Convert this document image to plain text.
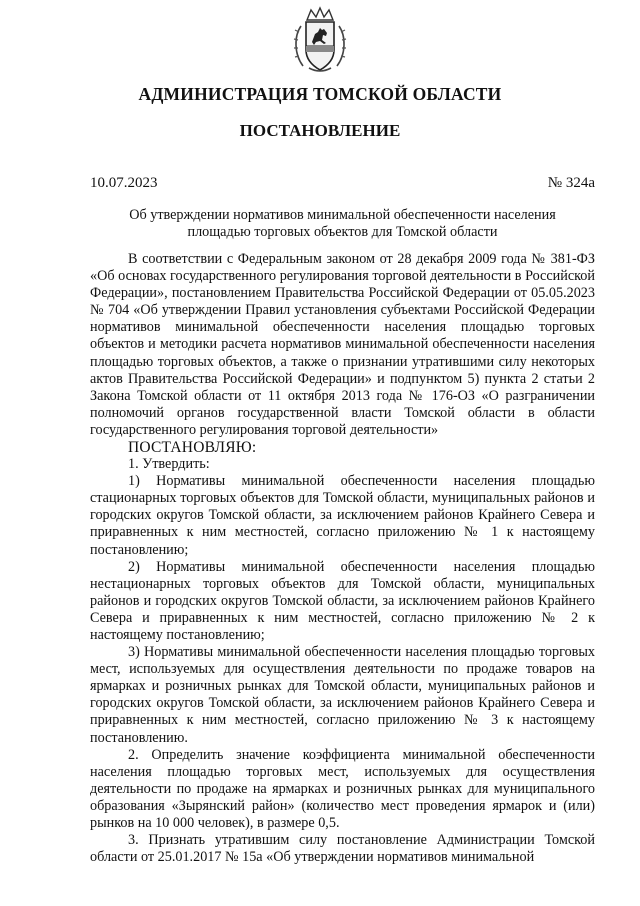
АДМИНИСТРАЦИЯ ТОМСКОЙ ОБЛАСТИ
ПОСТАНОВЛЕНИЕ
10.07.2023	№ 324а
Об утверждении нормативов минимальной обеспеченности населения
площадью торговых объектов для Томской области

В соответствии с Федеральным законом от 28 декабря 2009 года № 381-ФЗ «Об основах государственного регулирования торговой деятельности в Российской Федерации», постановлением Правительства Российской Федерации от 05.05.2023 № 704 «Об утверждении Правил установления субъектами Российской Федерации нормативов минимальной обеспеченности населения площадью торговых объектов и методики расчета нормативов минимальной обеспеченности населения площадью торговых объектов, а также о признании утратившими силу некоторых актов Правительства Российской Федерации» и подпунктом 5) пункта 2 статьи 2 Закона Томской области от 11 октября 2013 года № 176-ОЗ «О разграничении полномочий органов государственной власти Томской области в области государственного регулирования торговой деятельности»

ПОСТАНОВЛЯЮ:

1. Утвердить:

1) Нормативы минимальной обеспеченности населения площадью стационарных торговых объектов для Томской области, муниципальных районов и городских округов Томской области, за исключением районов Крайнего Севера и приравненных к ним местностей, согласно приложению № 1 к настоящему постановлению;

2) Нормативы минимальной обеспеченности населения площадью нестационарных торговых объектов для Томской области, муниципальных районов и городских округов Томской области, за исключением районов Крайнего Севера и приравненных к ним местностей, согласно приложению № 2 к настоящему постановлению;

3) Нормативы минимальной обеспеченности населения площадью торговых мест, используемых для осуществления деятельности по продаже товаров на ярмарках и розничных рынках для Томской области, муниципальных районов и городских округов Томской области, за исключением районов Крайнего Севера и приравненных к ним местностей, согласно приложению № 3 к настоящему постановлению.

2. Определить значение коэффициента минимальной обеспеченности населения площадью торговых мест, используемых для осуществления деятельности по продаже на ярмарках и розничных рынках для муниципального образования «Зырянский район» (количество мест проведения ярмарок и (или) рынков на 10 000 человек), в размере 0,5.

3. Признать утратившим силу постановление Администрации Томской области от 25.01.2017 № 15а «Об утверждении нормативов минимальной
